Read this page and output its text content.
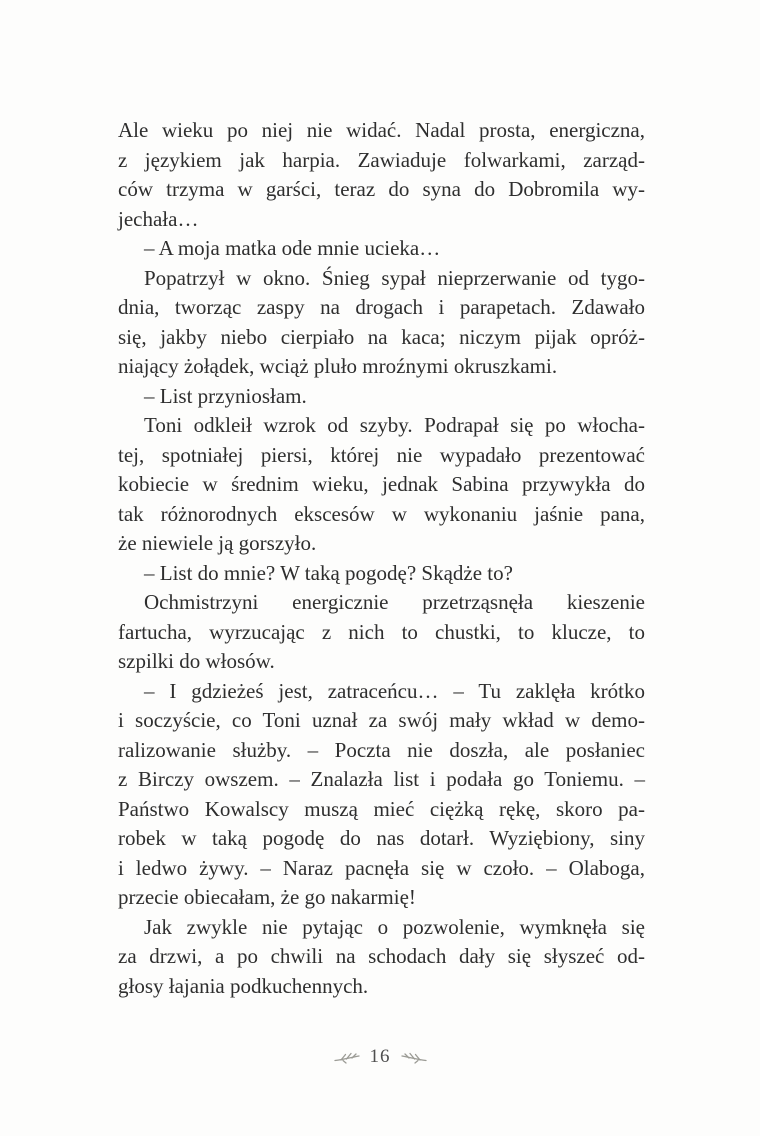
Ale wieku po niej nie widać. Nadal prosta, energiczna,
z językiem jak harpia. Zawiaduje folwarkami, zarząd-
ców trzyma w garści, teraz do syna do Dobromila wy-
jechała…
– A moja matka ode mnie ucieka…
Popatrzył w okno. Śnieg sypał nieprzerwanie od tygo-
dnia, tworząc zaspy na drogach i parapetach. Zdawało
się, jakby niebo cierpiało na kaca; niczym pijak opróż-
niający żołądek, wciąż pluło mroźnymi okruszkami.
– List przyniosłam.
Toni odkleił wzrok od szyby. Podrapał się po włocha-
tej, spotniałej piersi, której nie wypadało prezentować
kobiecie w średnim wieku, jednak Sabina przywykła do
tak różnorodnych ekscesów w wykonaniu jaśnie pana,
że niewiele ją gorszyło.
– List do mnie? W taką pogodę? Skądże to?
Ochmistrzyni energicznie przetrząsnęła kieszenie
fartucha, wyrzucając z nich to chustki, to klucze, to
szpilki do włosów.
– I gdzieżeś jest, zatraceńcu… – Tu zaklęła krótko
i soczyście, co Toni uznał za swój mały wkład w demo-
ralizowanie służby. – Poczta nie doszła, ale posłaniec
z Birczy owszem. – Znalazła list i podała go Toniemu. –
Państwo Kowalscy muszą mieć ciężką rękę, skoro pa-
robek w taką pogodę do nas dotarł. Wyziębiony, siny
i ledwo żywy. – Naraz pacnęła się w czoło. – Olaboga,
przecie obiecałam, że go nakarmię!
Jak zwykle nie pytając o pozwolenie, wymknęła się
za drzwi, a po chwili na schodach dały się słyszeć od-
głosy łajania podkuchennych.
16
